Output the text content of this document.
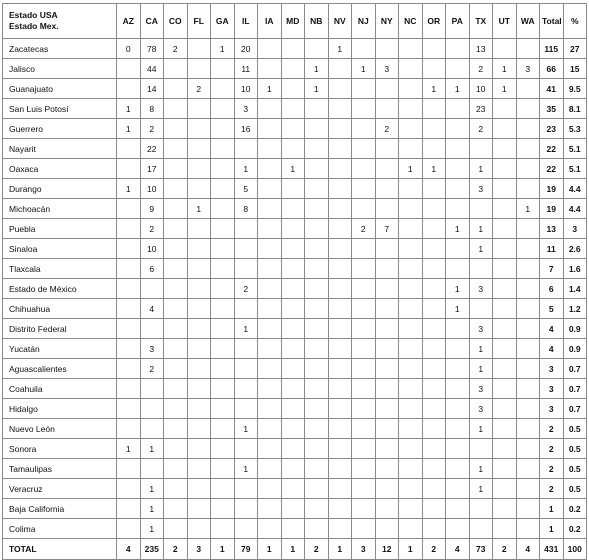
Estado USA
Estado Mex.	AZ	CA	CO	FL	GA	IL	IA	MD	NB	NV	NJ	NY	NC	OR	PA	TX	UT	WA	Total	%
Zacatecas	0	78	2		1	20				1						13			115	27
Jalisco		44				11			1		1	3				2	1	3	66	15
Guanajuato		14		2		10	1		1					1	1	10	1		41	9.5
San Luis Potosí	1	8				3										23			35	8.1
Guerrero	1	2				16						2				2			23	5.3
Nayarit		22																	22	5.1
Oaxaca		17				1		1					1	1		1			22	5.1
Durango	1	10				5										3			19	4.4
Michoacán		9		1		8												1	19	4.4
Puebla		2									2	7			1	1			13	3
Sinaloa		10														1			11	2.6
Tlaxcala		6																	7	1.6
Estado de México						2									1	3			6	1.4
Chihuahua		4													1				5	1.2
Distrito Federal						1										3			4	0.9
Yucatán		3														1			4	0.9
Aguascalientes		2														1			3	0.7
Coahuila																3			3	0.7
Hidalgo																3			3	0.7
Nuevo León						1										1			2	0.5
Sonora	1	1																	2	0.5
Tamaulipas						1										1			2	0.5
Veracruz		1														1			2	0.5
Baja California		1																	1	0.2
Colima		1																	1	0.2
TOTAL	4	235	2	3	1	79	1	1	2	1	3	12	1	2	4	73	2	4	431	100
